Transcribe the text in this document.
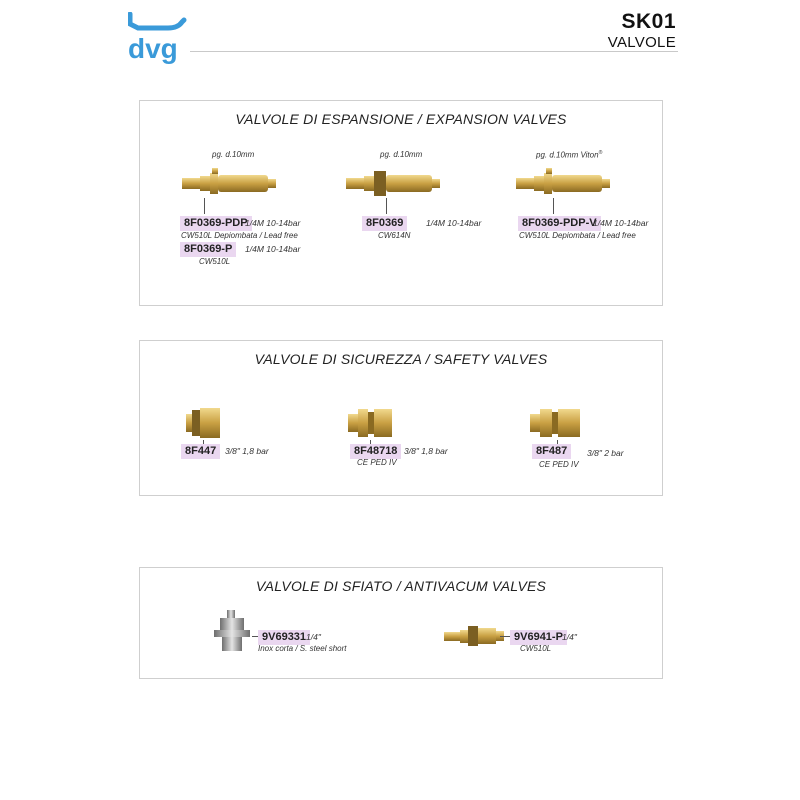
dvg
SK01
VALVOLE
VALVOLE DI ESPANSIONE / EXPANSION VALVES
pg. d.10mm
8F0369-PDP
1/4M 10-14bar
CW510L Depiombata / Lead free
8F0369-P	1/4M 10-14bar
CW510L
pg. d.10mm
8F0369	1/4M 10-14bar
CW614N
pg. d.10mm Viton®
8F0369-PDP-V
1/4M 10-14bar
CW510L Depiombata / Lead free
VALVOLE DI SICUREZZA / SAFETY VALVES
8F447	3/8" 1,8 bar	8F48718 3/8" 1,8 bar
CE PED IV
8F487	3/8" 2 bar
CE PED IV
VALVOLE DI SFIATO / ANTIVACUM VALVES
9V69331 1/4"
Inox corta / S. steel short
9V6941-P 1/4"
CW510L
